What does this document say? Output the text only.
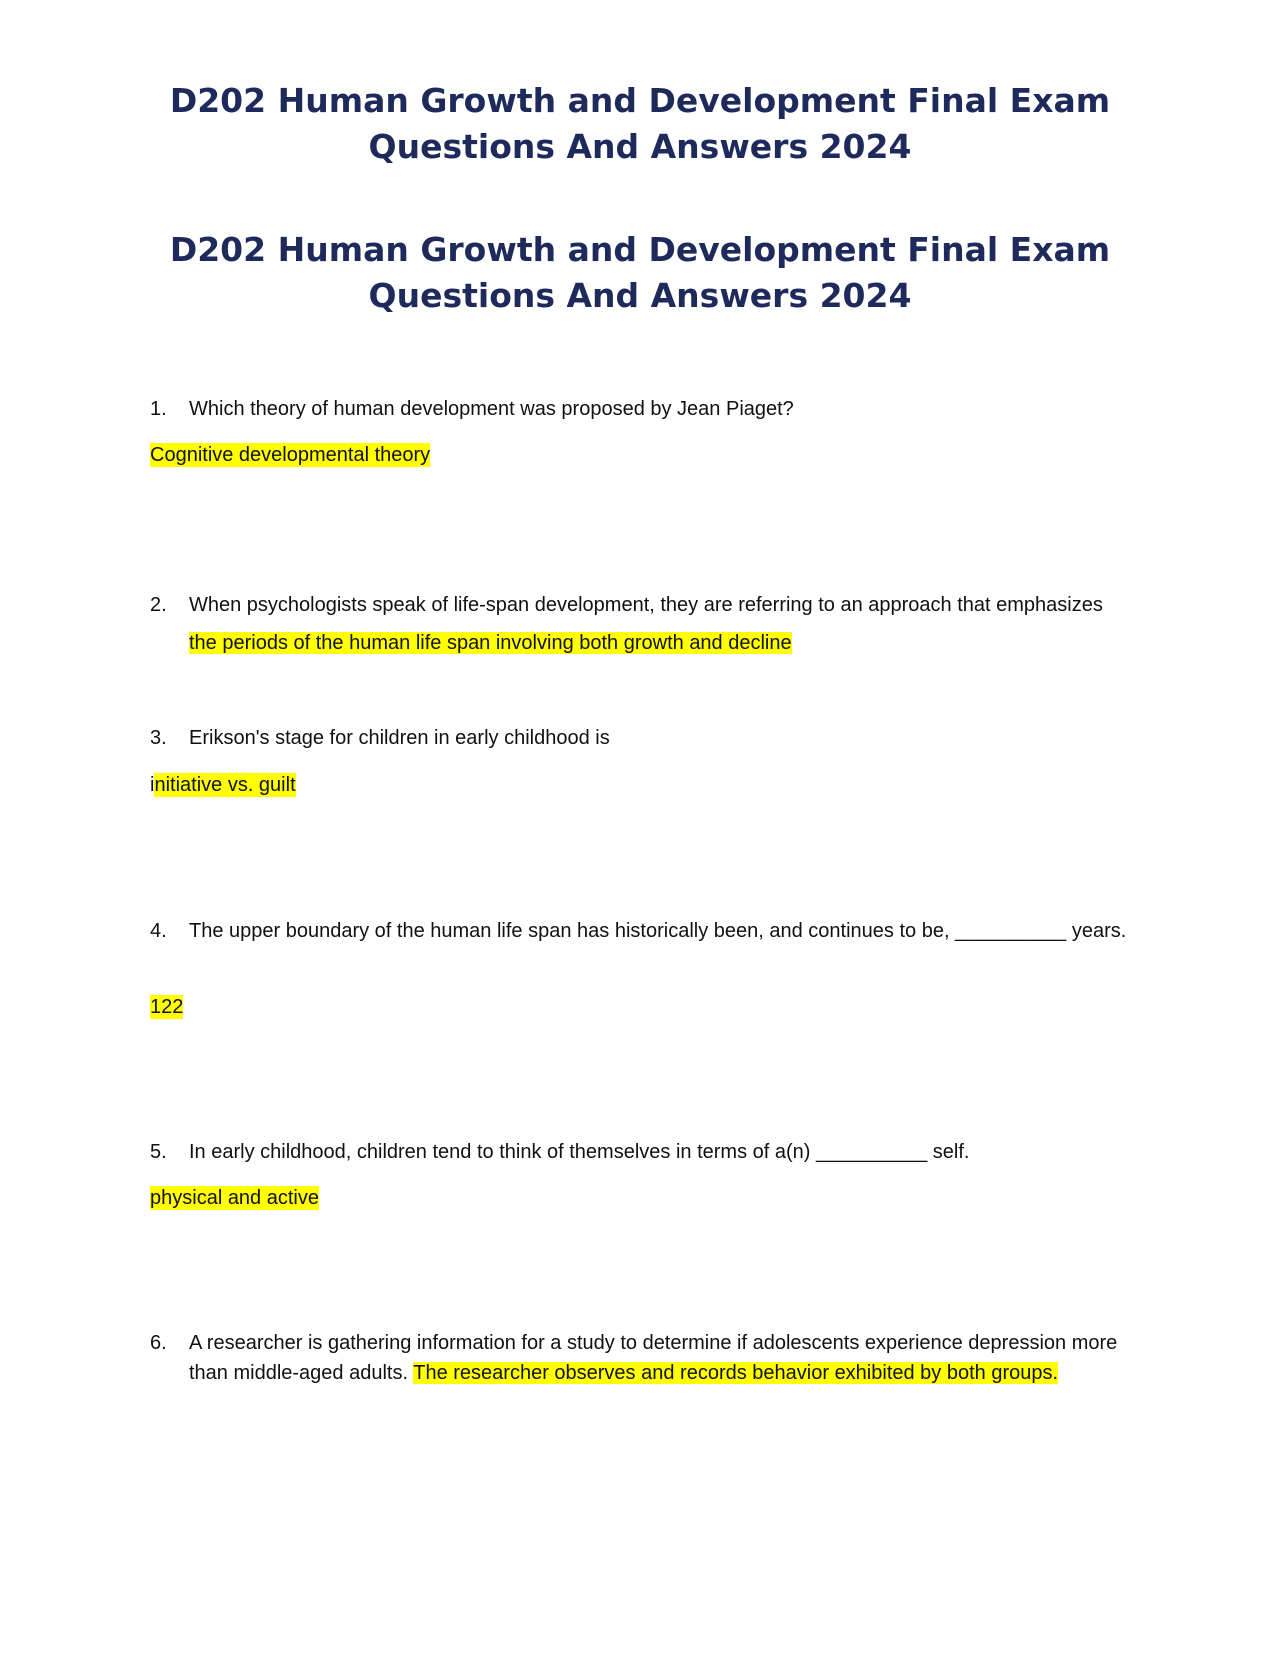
D202 Human Growth and Development Final Exam
Questions And Answers 2024
D202 Human Growth and Development Final Exam
Questions And Answers 2024
1.	Which theory of human development was proposed by Jean Piaget?
Cognitive developmental theory
2.	When psychologists speak of life-span development, they are referring to an approach that emphasizes the periods of the human life span involving both growth and decline
3.	Erikson's stage for children in early childhood is
initiative vs. guilt
4.	The upper boundary of the human life span has historically been, and continues to be, __________ years.
122
5.	In early childhood, children tend to think of themselves in terms of a(n) __________ self.
physical and active
6.	A researcher is gathering information for a study to determine if adolescents experience depression more than middle-aged adults. The researcher observes and records behavior exhibited by both groups.
